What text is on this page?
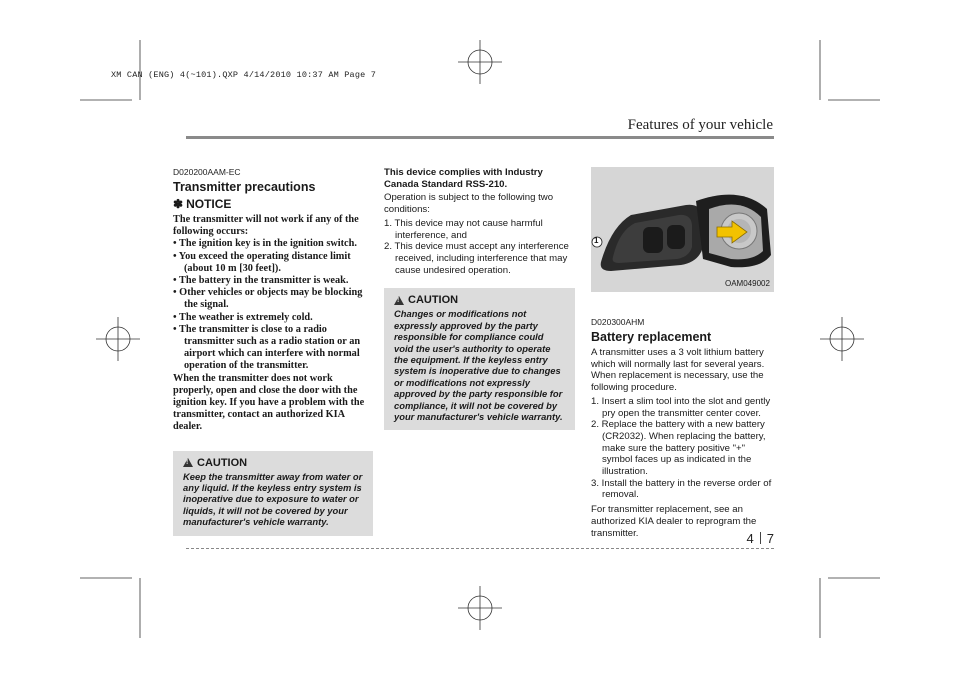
XM CAN (ENG) 4(~101).QXP 4/14/2010 10:37 AM Page 7
Features of your vehicle
4 7
D020200AAM-EC
Transmitter precautions
✽ NOTICE

The transmitter will not work if any of the following occurs:

• The ignition key is in the ignition switch.
• You exceed the operating distance limit (about 10 m [30 feet]).
• The battery in the transmitter is weak.
• Other vehicles or objects may be blocking the signal.
• The weather is extremely cold.
• The transmitter is close to a radio transmitter such as a radio station or an airport which can interfere with normal operation of the transmitter.

When the transmitter does not work properly, open and close the door with the ignition key. If you have a problem with the transmitter, contact an authorized KIA dealer.

!
CAUTION
Keep the transmitter away from water or any liquid. If the keyless entry system is inoperative due to exposure to water or liquids, it will not be covered by your manufacturer's vehicle warranty.

This device complies with Industry Canada Standard RSS-210.

Operation is subject to the following two conditions:

1. This device may not cause harmful interference, and
2. This device must accept any interference received, including interference that may cause undesired operation.
!
CAUTION
Changes or modifications not expressly approved by the party responsible for compliance could void the user's authority to operate the equipment. If the keyless entry system is inoperative due to changes or modifications not expressly approved by the party responsible for compliance, it will not be covered by your manufacturer's vehicle warranty.
1
OAM049002
D020300AHM
Battery replacement

A transmitter uses a 3 volt lithium battery which will normally last for several years. When replacement is necessary, use the following procedure.

1. Insert a slim tool into the slot and gently pry open the transmitter center cover.
2. Replace the battery with a new battery (CR2032). When replacing the battery, make sure the battery positive "+" symbol faces up as indicated in the illustration.
3. Install the battery in the reverse order of removal.

For transmitter replacement, see an authorized KIA dealer to reprogram the transmitter.
